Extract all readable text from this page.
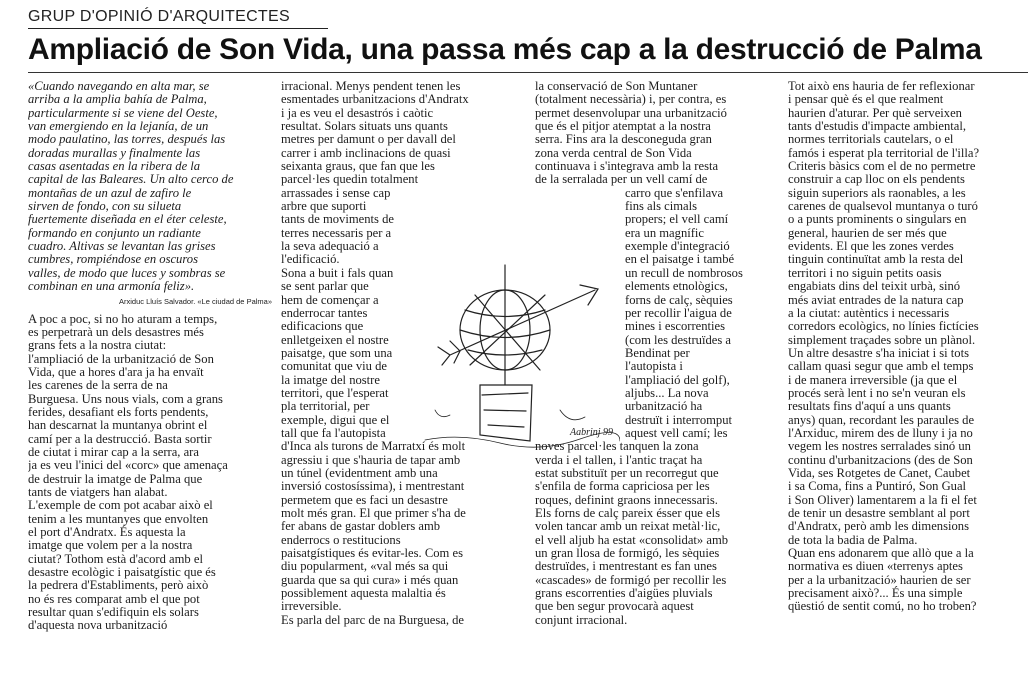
GRUP D'OPINIÓ D'ARQUITECTES
Ampliació de Son Vida, una passa més cap a la destrucció de Palma
«Cuando navegando en alta mar, se
arriba a la amplia bahía de Palma,
particularmente si se viene del Oeste,
van emergiendo en la lejanía, de un
modo paulatino, las torres, después las
doradas murallas y finalmente las
casas asentadas en la ribera de la
capital de las Baleares. Un alto cerco de
montañas de un azul de zafiro le
sirven de fondo, con su silueta
fuertemente diseñada en el éter celeste,
formando en conjunto un radiante
cuadro. Altivas se levantan las grises
cumbres, rompiéndose en oscuros
valles, de modo que luces y sombras se
combinan en una armonía feliz».
Arxiduc Lluís Salvador. «Le ciudad de Palma»
A poc a poc, si no ho aturam a temps,
es perpetrarà un dels desastres més
grans fets a la nostra ciutat:
l'ampliació de la urbanització de Son
Vida, que a hores d'ara ja ha envaït
les carenes de la serra de na
Burguesa. Uns nous vials, com a grans
ferides, desafiant els forts pendents,
han descarnat la muntanya obrint el
camí per a la destrucció. Basta sortir
de ciutat i mirar cap a la serra, ara
ja es veu l'inici del «corc» que amenaça
de destruir la imatge de Palma que
tants de viatgers han alabat.
L'exemple de com pot acabar això el
tenim a les muntanyes que envolten
el port d'Andratx. És aquesta la
imatge que volem per a la nostra
ciutat? Tothom està d'acord amb el
desastre ecològic i paisatgístic que és
la pedrera d'Establiments, però això
no és res comparat amb el que pot
resultar quan s'edifiquin els solars
d'aquesta nova urbanització
irracional. Menys pendent tenen les
esmentades urbanitzacions d'Andratx
i ja es veu el desastrós i caòtic
resultat. Solars situats uns quants
metres per damunt o per davall del
carrer i amb inclinacions de quasi
seixanta graus, que fan que les
parcel·les quedin totalment
arrassades i sense cap
arbre que suporti
tants de moviments de
terres necessaris per a
la seva adequació a
l'edificació.
Sona a buit i fals quan
se sent parlar que
hem de començar a
enderrocar tantes
edificacions que
enlletgeixen el nostre
paisatge, que som una
comunitat que viu de
la imatge del nostre
territori, que l'esperat
pla territorial, per
exemple, digui que el
tall que fa l'autopista
d'Inca als turons de Marratxí és molt
agressiu i que s'hauria de tapar amb
un túnel (evidentment amb una
inversió costosíssima), i mentrestant
permetem que es faci un desastre
molt més gran. El que primer s'ha de
fer abans de gastar doblers amb
enderrocs o restitucions
paisatgístiques és evitar-les. Com es
diu popularment, «val més sa qui
guarda que sa qui cura» i més quan
possiblement aquesta malaltia és
irreversible.
Es parla del parc de na Burguesa, de
la conservació de Son Muntaner
(totalment necessària) i, per contra, es
permet desenvolupar una urbanització
que és el pitjor atemptat a la nostra
serra. Fins ara la desconeguda gran
zona verda central de Son Vida
continuava i s'integrava amb la resta
de la serralada per un vell camí de
carro que s'enfilava
fins als cimals
propers; el vell camí
era un magnífic
exemple d'integració
en el paisatge i també
un recull de nombrosos
elements etnològics,
forns de calç, sèquies
per recollir l'aigua de
mines i escorrenties
(com les destruïdes a
Bendinat per
l'autopista i
l'ampliació del golf),
aljubs... La nova
urbanització ha
destruït i interromput
aquest vell camí; les
noves parcel·les tanquen la zona
verda i el tallen, i l'antic traçat ha
estat substituït per un recorregut que
s'enfila de forma capriciosa per les
roques, definint graons innecessaris.
Els forns de calç pareix ésser que els
volen tancar amb un reixat metàl·lic,
el vell aljub ha estat «consolidat» amb
un gran llosa de formigó, les sèquies
destruïdes, i mentrestant es fan unes
«cascades» de formigó per recollir les
grans escorrenties d'aigües pluvials
que ben segur provocarà aquest
conjunt irracional.
Tot això ens hauria de fer reflexionar
i pensar què és el que realment
haurien d'aturar. Per què serveixen
tants d'estudis d'impacte ambiental,
normes territorials cautelars, o el
famós i esperat pla territorial de l'illa?
Criteris bàsics com el de no permetre
construir a cap lloc on els pendents
siguin superiors als raonables, a les
carenes de qualsevol muntanya o turó
o a punts prominents o singulars en
general, haurien de ser més que
evidents. El que les zones verdes
tinguin continuïtat amb la resta del
territori i no siguin petits oasis
engabiats dins del teixit urbà, sinó
més aviat entrades de la natura cap
a la ciutat: autèntics i necessaris
corredors ecològics, no línies fictícies
simplement traçades sobre un plànol.
Un altre desastre s'ha iniciat i si tots
callam quasi segur que amb el temps
i de manera irreversible (ja que el
procés serà lent i no se'n veuran els
resultats fins d'aquí a uns quants
anys) quan, recordant les paraules de
l'Arxiduc, mirem des de lluny i ja no
vegem les nostres serralades sinó un
continu d'urbanitzacions (des de Son
Vida, ses Rotgetes de Canet, Caubet
i sa Coma, fins a Puntiró, Son Gual
i Son Oliver) lamentarem a la fi el fet
de tenir un desastre semblant al port
d'Andratx, però amb les dimensions
de tota la badia de Palma.
Quan ens adonarem que allò que a la
normativa es diuen «terrenys aptes
per a la urbanització» haurien de ser
precisament això?... És una simple
qüestió de sentit comú, no ho troben?
Aabrinj 99
